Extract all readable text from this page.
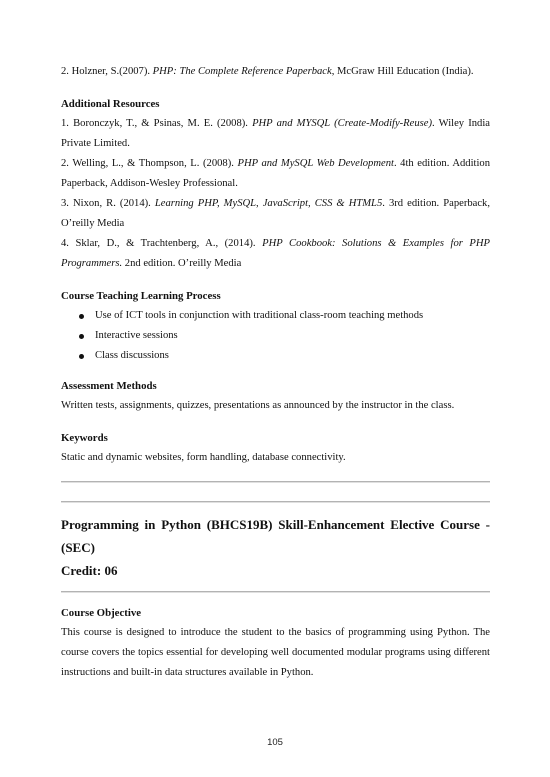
2. Holzner, S.(2007). PHP: The Complete Reference Paperback, McGraw Hill Education (India).

Additional Resources

1. Boronczyk, T., & Psinas, M. E. (2008). PHP and MYSQL (Create-Modify-Reuse). Wiley India Private Limited.

2. Welling, L., & Thompson, L. (2008). PHP and MySQL Web Development. 4th edition. Addition Paperback, Addison-Wesley Professional.

3. Nixon, R. (2014). Learning PHP, MySQL, JavaScript, CSS & HTML5. 3rd edition. Paperback, O’reilly Media

4. Sklar, D., & Trachtenberg, A., (2014). PHP Cookbook: Solutions & Examples for PHP Programmers. 2nd edition. O’reilly Media

Course Teaching Learning Process

Use of ICT tools in conjunction with traditional class-room teaching methods
Interactive sessions
Class discussions

Assessment Methods

Written tests, assignments, quizzes, presentations as announced by the instructor in the class.

Keywords

Static and dynamic websites, form handling, database connectivity.

Programming in Python (BHCS19B) Skill-Enhancement Elective Course - (SEC)

Credit: 06

Course Objective

This course is designed to introduce the student to the basics of programming using Python. The course covers the topics essential for developing well documented modular programs using different instructions and built-in data structures available in Python.

105
